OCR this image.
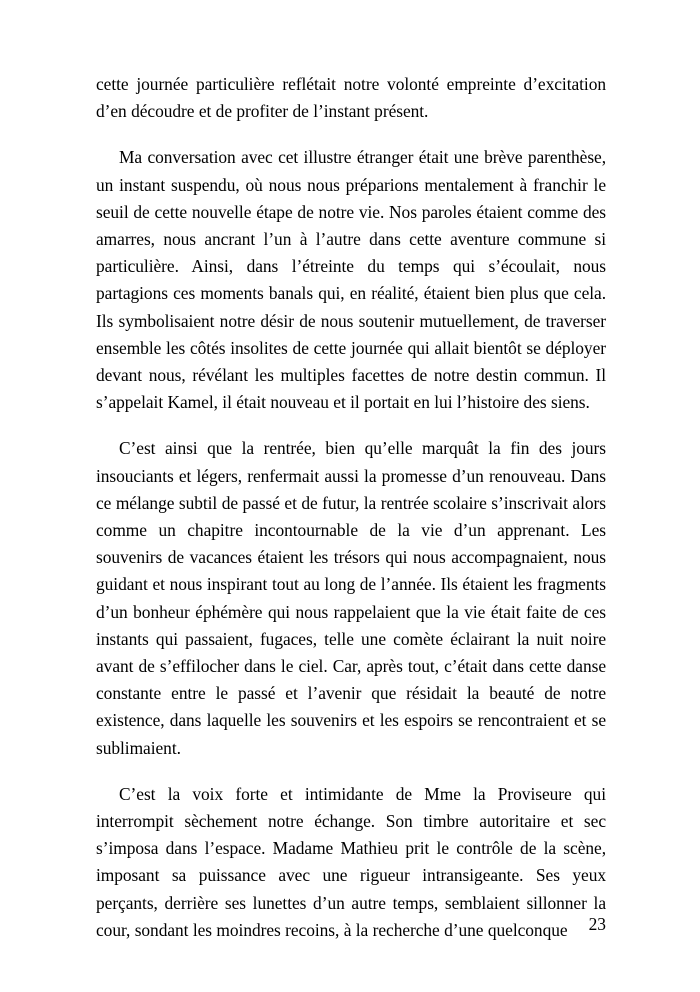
cette journée particulière reflétait notre volonté empreinte d’excitation d’en découdre et de profiter de l’instant présent.

Ma conversation avec cet illustre étranger était une brève parenthèse, un instant suspendu, où nous nous préparions mentalement à franchir le seuil de cette nouvelle étape de notre vie. Nos paroles étaient comme des amarres, nous ancrant l’un à l’autre dans cette aventure commune si particulière. Ainsi, dans l’étreinte du temps qui s’écoulait, nous partagions ces moments banals qui, en réalité, étaient bien plus que cela. Ils symbolisaient notre désir de nous soutenir mutuellement, de traverser ensemble les côtés insolites de cette journée qui allait bientôt se déployer devant nous, révélant les multiples facettes de notre destin commun. Il s’appelait Kamel, il était nouveau et il portait en lui l’histoire des siens.

C’est ainsi que la rentrée, bien qu’elle marquât la fin des jours insouciants et légers, renfermait aussi la promesse d’un renouveau. Dans ce mélange subtil de passé et de futur, la rentrée scolaire s’inscrivait alors comme un chapitre incontournable de la vie d’un apprenant. Les souvenirs de vacances étaient les trésors qui nous accompagnaient, nous guidant et nous inspirant tout au long de l’année. Ils étaient les fragments d’un bonheur éphémère qui nous rappelaient que la vie était faite de ces instants qui passaient, fugaces, telle une comète éclairant la nuit noire avant de s’effilocher dans le ciel. Car, après tout, c’était dans cette danse constante entre le passé et l’avenir que résidait la beauté de notre existence, dans laquelle les souvenirs et les espoirs se rencontraient et se sublimaient.

C’est la voix forte et intimidante de Mme la Proviseure qui interrompit sèchement notre échange. Son timbre autoritaire et sec s’imposa dans l’espace. Madame Mathieu prit le contrôle de la scène, imposant sa puissance avec une rigueur intransigeante. Ses yeux perçants, derrière ses lunettes d’un autre temps, semblaient sillonner la cour, sondant les moindres recoins, à la recherche d’une quelconque	23
